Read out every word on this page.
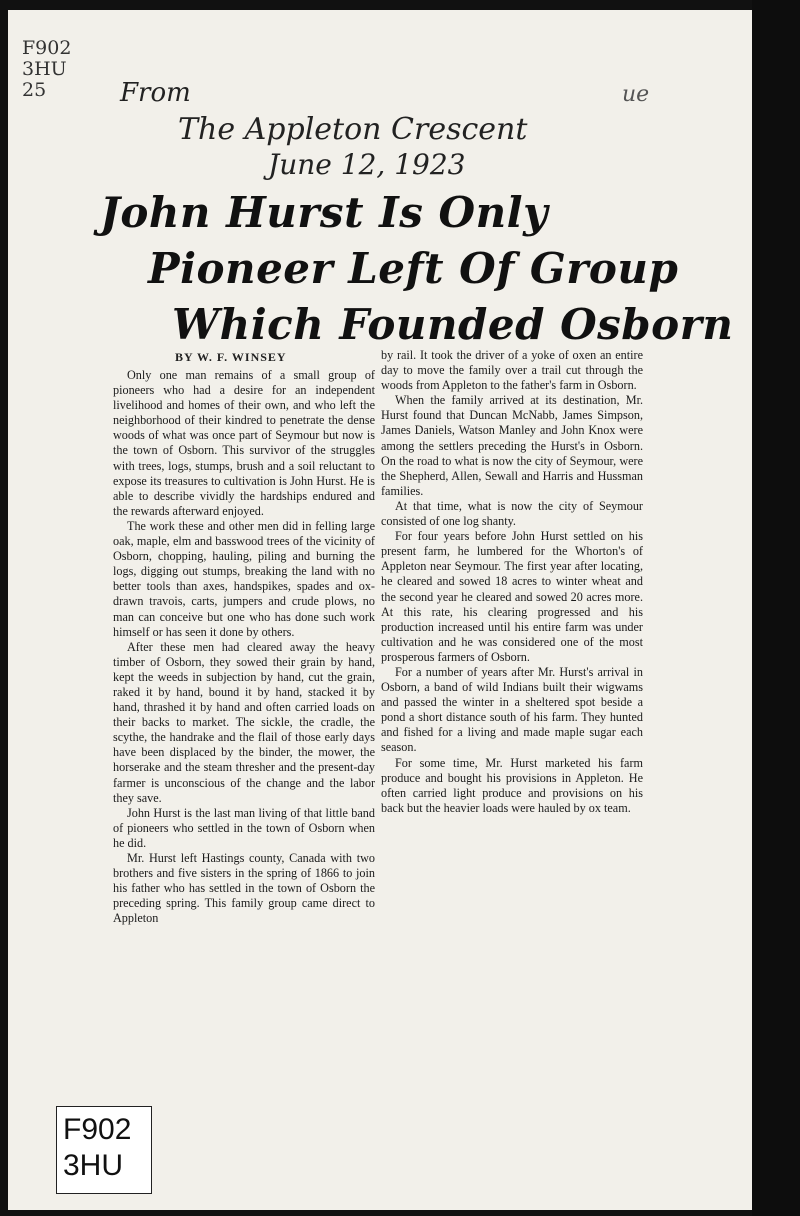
F902
3HU
25	From
The Appleton Crescent
June 12, 1923
ue
John Hurst Is Only
Pioneer Left Of Group
Which Founded Osborn
BY W. F. WINSEY

Only one man remains of a small group of pioneers who had a desire for an independent livelihood and homes of their own, and who left the neighborhood of their kindred to penetrate the dense woods of what was once part of Seymour but now is the town of Osborn. This survivor of the struggles with trees, logs, stumps, brush and a soil reluctant to expose its treasures to cultivation is John Hurst. He is able to describe vividly the hardships endured and the rewards afterward enjoyed.

The work these and other men did in felling large oak, maple, elm and basswood trees of the vicinity of Osborn, chopping, hauling, piling and burning the logs, digging out stumps, breaking the land with no better tools than axes, handspikes, spades and ox-drawn travois, carts, jumpers and crude plows, no man can conceive but one who has done such work himself or has seen it done by others.

After these men had cleared away the heavy timber of Osborn, they sowed their grain by hand, kept the weeds in subjection by hand, cut the grain, raked it by hand, bound it by hand, stacked it by hand, thrashed it by hand and often carried loads on their backs to market. The sickle, the cradle, the scythe, the handrake and the flail of those early days have been displaced by the binder, the mower, the horserake and the steam thresher and the present-day farmer is unconscious of the change and the labor they save.

John Hurst is the last man living of that little band of pioneers who settled in the town of Osborn when he did.

Mr. Hurst left Hastings county, Canada with two brothers and five sisters in the spring of 1866 to join his father who has settled in the town of Osborn the preceding spring. This family group came direct to Appleton

by rail. It took the driver of a yoke of oxen an entire day to move the family over a trail cut through the woods from Appleton to the father's farm in Osborn.

When the family arrived at its destination, Mr. Hurst found that Duncan McNabb, James Simpson, James Daniels, Watson Manley and John Knox were among the settlers preceding the Hurst's in Osborn. On the road to what is now the city of Seymour, were the Shepherd, Allen, Sewall and Harris and Hussman families.

At that time, what is now the city of Seymour consisted of one log shanty.

For four years before John Hurst settled on his present farm, he lumbered for the Whorton's of Appleton near Seymour. The first year after locating, he cleared and sowed 18 acres to winter wheat and the second year he cleared and sowed 20 acres more. At this rate, his clearing progressed and his production increased until his entire farm was under cultivation and he was considered one of the most prosperous farmers of Osborn.

For a number of years after Mr. Hurst's arrival in Osborn, a band of wild Indians built their wigwams and passed the winter in a sheltered spot beside a pond a short distance south of his farm. They hunted and fished for a living and made maple sugar each season.

For some time, Mr. Hurst marketed his farm produce and bought his provisions in Appleton. He often carried light produce and provisions on his back but the heavier loads were hauled by ox team.

F902
3HU
